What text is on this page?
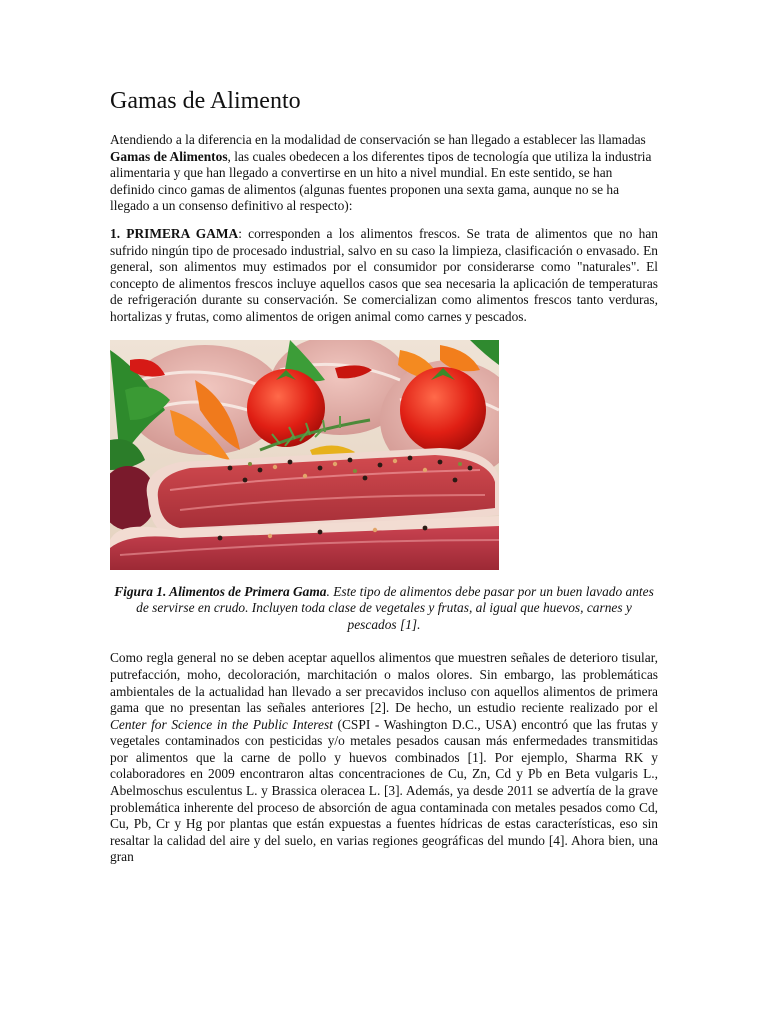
Gamas de Alimento

Atendiendo a la diferencia en la modalidad de conservación se han llegado a establecer las llamadas Gamas de Alimentos, las cuales obedecen a los diferentes tipos de tecnología que utiliza la industria alimentaria y que han llegado a convertirse en un hito a nivel mundial. En este sentido, se han definido cinco gamas de alimentos (algunas fuentes proponen una sexta gama, aunque no se ha llegado a un consenso definitivo al respecto):

1. PRIMERA GAMA: corresponden a los alimentos frescos. Se trata de alimentos que no han sufrido ningún tipo de procesado industrial, salvo en su caso la limpieza, clasificación o envasado. En general, son alimentos muy estimados por el consumidor por considerarse como "naturales". El concepto de alimentos frescos incluye aquellos casos que sea necesaria la aplicación de temperaturas de refrigeración durante su conservación. Se comercializan como alimentos frescos tanto verduras, hortalizas y frutas, como alimentos de origen animal como carnes y pescados.

Figura 1. Alimentos de Primera Gama. Este tipo de alimentos debe pasar por un buen lavado antes de servirse en crudo. Incluyen toda clase de vegetales y frutas, al igual que huevos, carnes y pescados [1].

Como regla general no se deben aceptar aquellos alimentos que muestren señales de deterioro tisular, putrefacción, moho, decoloración, marchitación o malos olores. Sin embargo, las problemáticas ambientales de la actualidad han llevado a ser precavidos incluso con aquellos alimentos de primera gama que no presentan las señales anteriores [2]. De hecho, un estudio reciente realizado por el Center for Science in the Public Interest (CSPI - Washington D.C., USA) encontró que las frutas y vegetales contaminados con pesticidas y/o metales pesados causan más enfermedades transmitidas por alimentos que la carne de pollo y huevos combinados [1]. Por ejemplo, Sharma RK y colaboradores en 2009 encontraron altas concentraciones de Cu, Zn, Cd y Pb en Beta vulgaris L., Abelmoschus esculentus L. y Brassica oleracea L. [3]. Además, ya desde 2011 se advertía de la grave problemática inherente del proceso de absorción de agua contaminada con metales pesados como Cd, Cu, Pb, Cr y Hg por plantas que están expuestas a fuentes hídricas de estas características, eso sin resaltar la calidad del aire y del suelo, en varias regiones geográficas del mundo [4]. Ahora bien, una gran
